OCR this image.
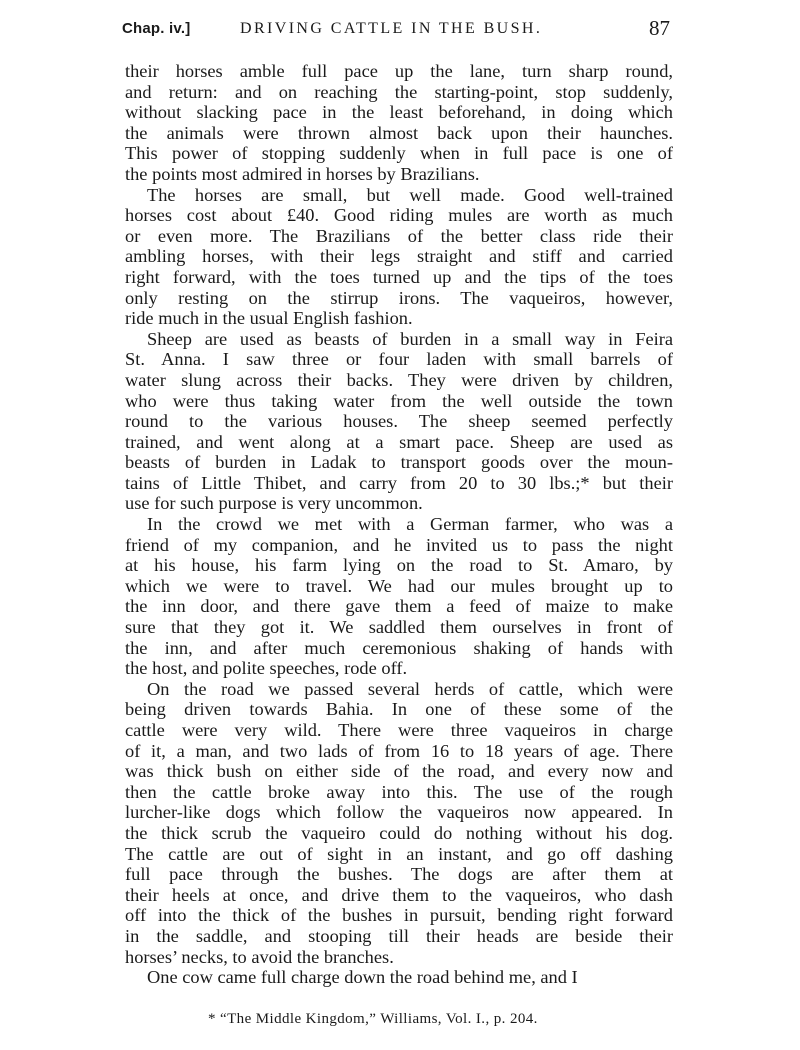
Chap. iv.]	DRIVING CATTLE IN THE BUSH.	87
their horses amble full pace up the lane, turn sharp round,
and return: and on reaching the starting-point, stop suddenly,
without slacking pace in the least beforehand, in doing which
the animals were thrown almost back upon their haunches.
This power of stopping suddenly when in full pace is one of
the points most admired in horses by Brazilians.
The horses are small, but well made. Good well-trained
horses cost about £40. Good riding mules are worth as much
or even more. The Brazilians of the better class ride their
ambling horses, with their legs straight and stiff and carried
right forward, with the toes turned up and the tips of the toes
only resting on the stirrup irons. The vaqueiros, however,
ride much in the usual English fashion.
Sheep are used as beasts of burden in a small way in Feira
St. Anna. I saw three or four laden with small barrels of
water slung across their backs. They were driven by children,
who were thus taking water from the well outside the town
round to the various houses. The sheep seemed perfectly
trained, and went along at a smart pace. Sheep are used as
beasts of burden in Ladak to transport goods over the moun-
tains of Little Thibet, and carry from 20 to 30 lbs.;* but their
use for such purpose is very uncommon.
In the crowd we met with a German farmer, who was a
friend of my companion, and he invited us to pass the night
at his house, his farm lying on the road to St. Amaro, by
which we were to travel. We had our mules brought up to
the inn door, and there gave them a feed of maize to make
sure that they got it. We saddled them ourselves in front of
the inn, and after much ceremonious shaking of hands with
the host, and polite speeches, rode off.
On the road we passed several herds of cattle, which were
being driven towards Bahia. In one of these some of the
cattle were very wild. There were three vaqueiros in charge
of it, a man, and two lads of from 16 to 18 years of age. There
was thick bush on either side of the road, and every now and
then the cattle broke away into this. The use of the rough
lurcher-like dogs which follow the vaqueiros now appeared. In
the thick scrub the vaqueiro could do nothing without his dog.
The cattle are out of sight in an instant, and go off dashing
full pace through the bushes. The dogs are after them at
their heels at once, and drive them to the vaqueiros, who dash
off into the thick of the bushes in pursuit, bending right forward
in the saddle, and stooping till their heads are beside their
horses’ necks, to avoid the branches.
One cow came full charge down the road behind me, and I
* “The Middle Kingdom,” Williams, Vol. I., p. 204.
